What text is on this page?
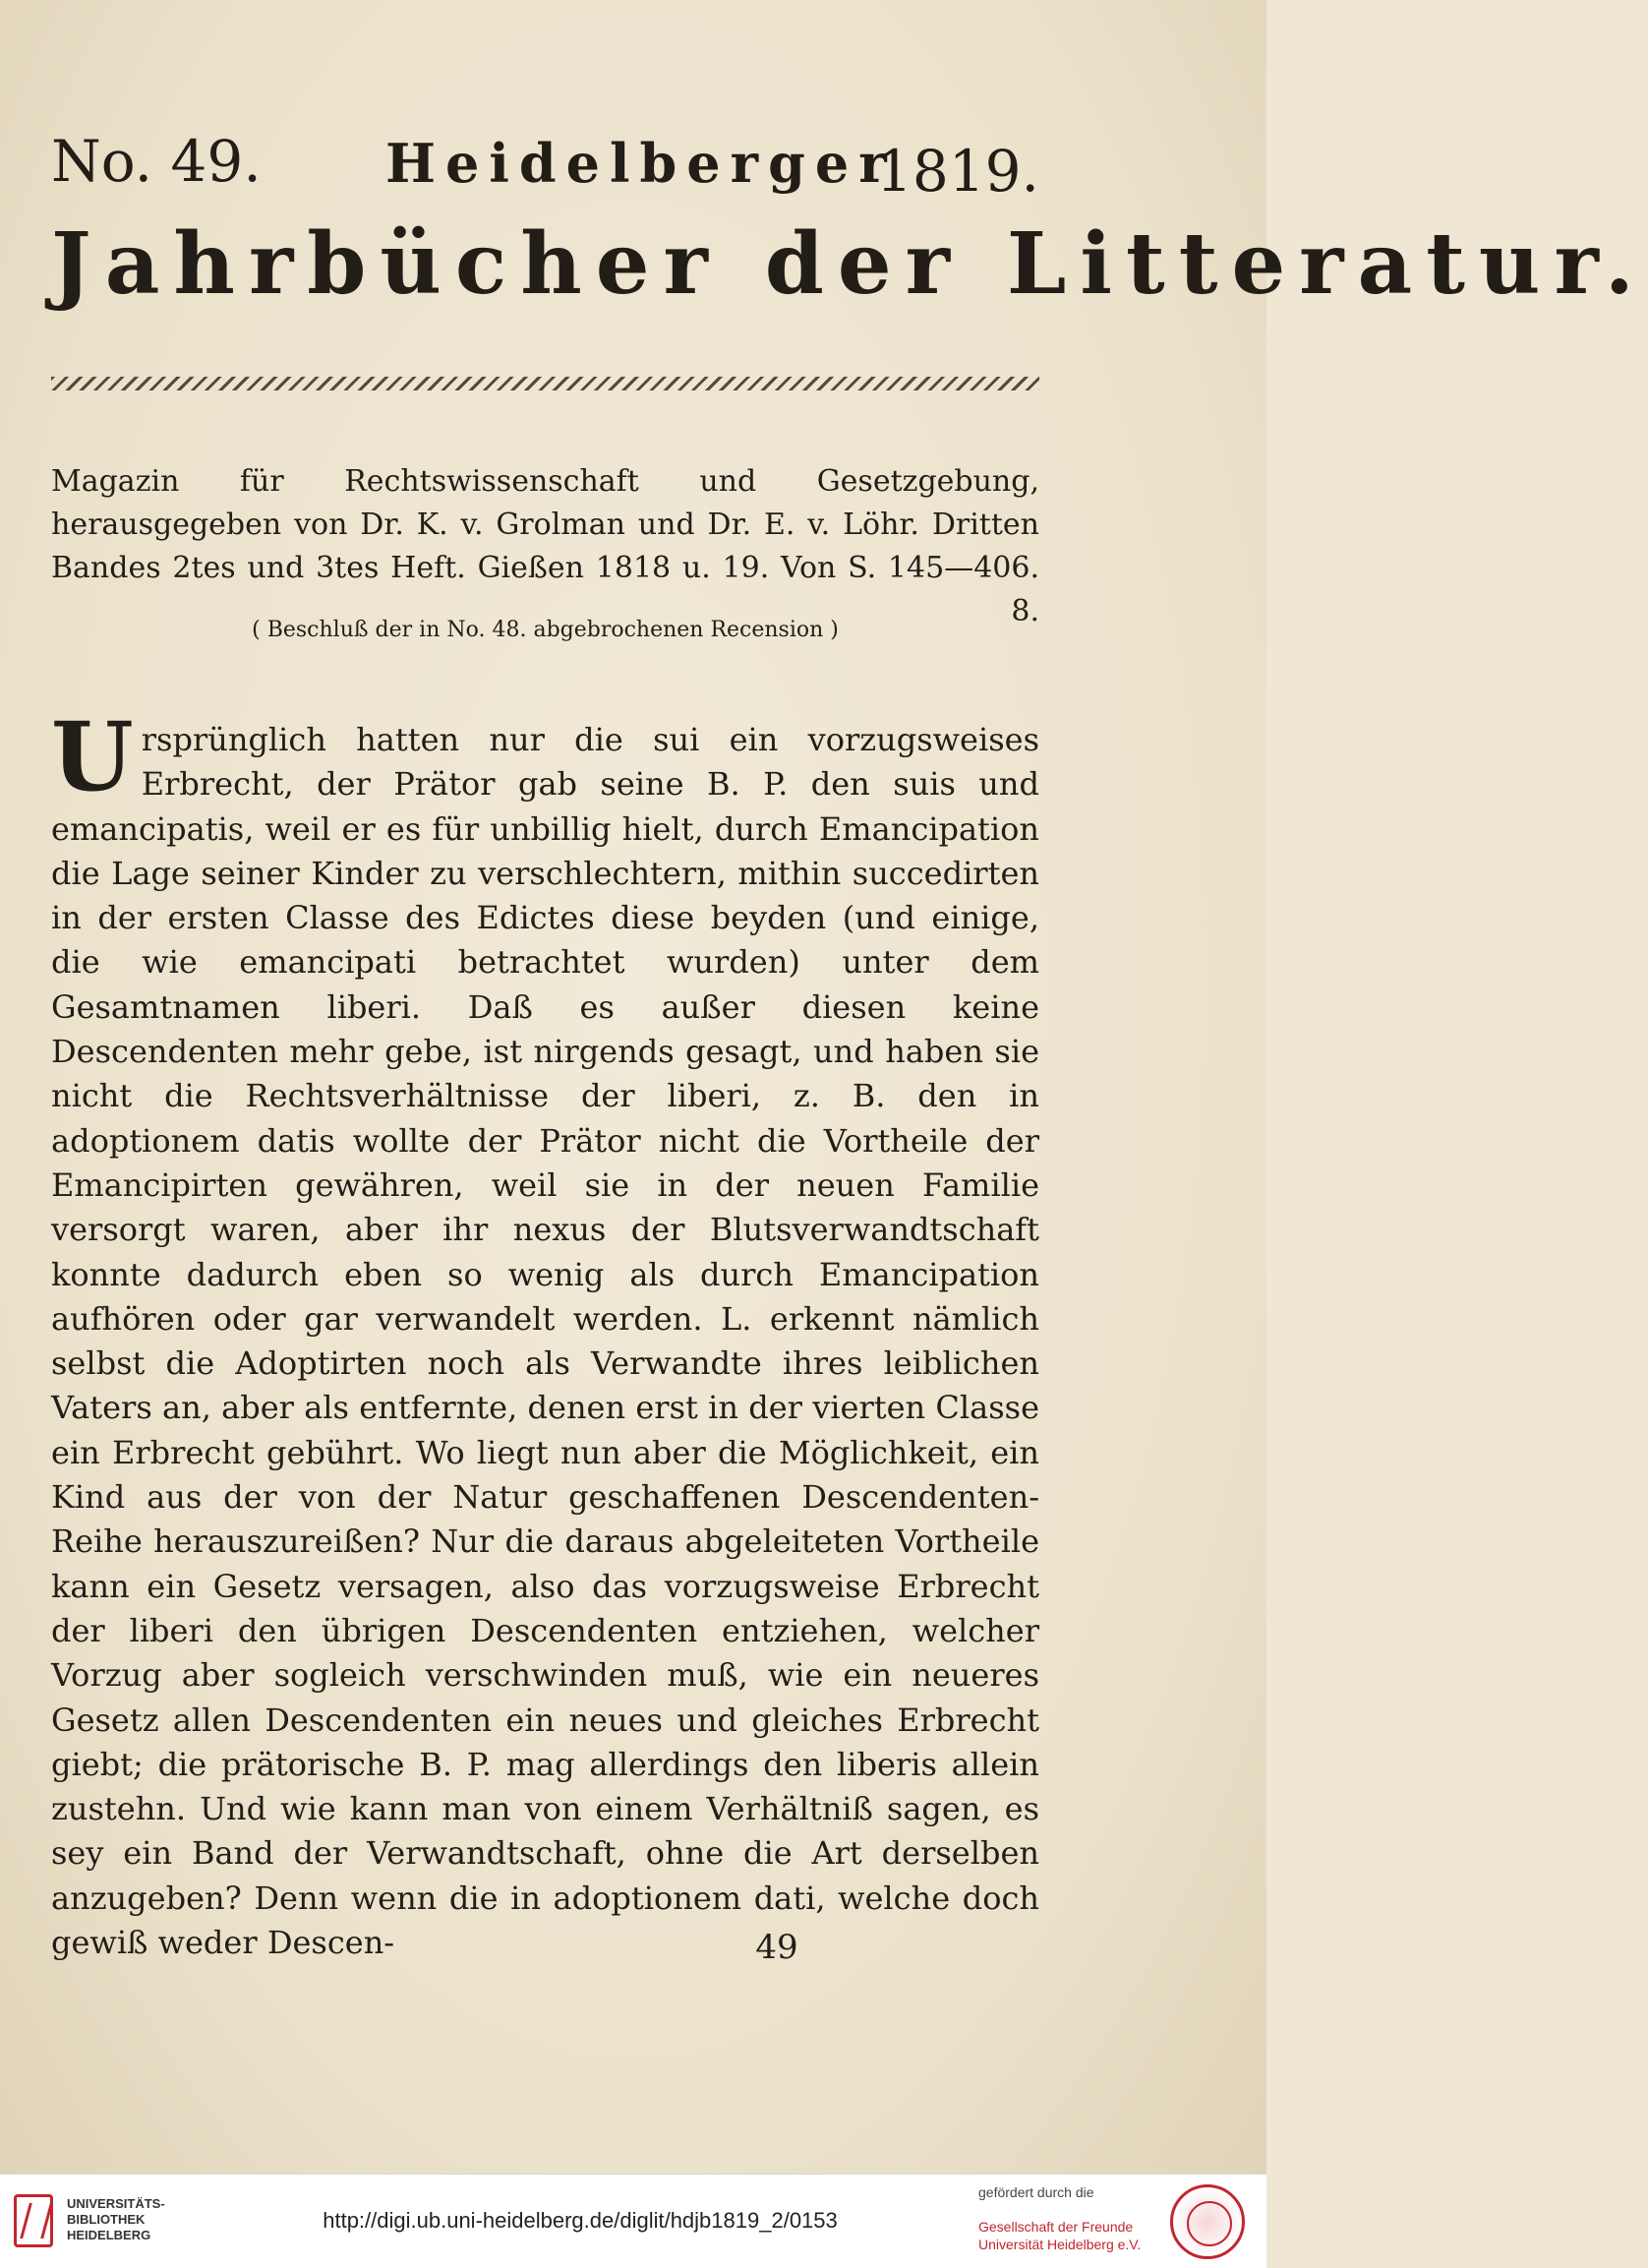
No. 49. Heidelberger
1819.
Jahrbücher der Litteratur.
Magazin für Rechtswissenschaft und Gesetzgebung, herausgegeben von Dr. K. v. Grolman und Dr. E. v. Löhr. Dritten Bandes 2tes und 3tes Heft. Gießen 1818 u. 19. Von S. 145—406. 8.
( Beschluß der in No. 48. abgebrochenen Recension )
U rsprünglich hatten nur die sui ein vorzugsweises Erbrecht, der Prätor gab seine B. P. den suis und emancipatis, weil er es für unbillig hielt, durch Emancipation die Lage seiner Kinder zu verschlechtern, mithin succedirten in der ersten Classe des Edictes diese beyden (und einige, die wie emancipati betrachtet wurden) unter dem Gesamtnamen liberi. Daß es außer diesen keine Descendenten mehr gebe, ist nirgends gesagt, und haben sie nicht die Rechtsverhältnisse der liberi, z. B. den in adoptionem datis wollte der Prätor nicht die Vortheile der Emancipirten gewähren, weil sie in der neuen Familie versorgt waren, aber ihr nexus der Blutsverwandtschaft konnte dadurch eben so wenig als durch Emancipation aufhören oder gar verwandelt werden. L. erkennt nämlich selbst die Adoptirten noch als Verwandte ihres leiblichen Vaters an, aber als entfernte, denen erst in der vierten Classe ein Erbrecht gebührt. Wo liegt nun aber die Möglichkeit, ein Kind aus der von der Natur geschaffenen Descendenten-Reihe herauszureißen? Nur die daraus abgeleiteten Vortheile kann ein Gesetz versagen, also das vorzugsweise Erbrecht der liberi den übrigen Descendenten entziehen, welcher Vorzug aber sogleich verschwinden muß, wie ein neueres Gesetz allen Descendenten ein neues und gleiches Erbrecht giebt; die prätorische B. P. mag allerdings den liberis allein zustehn. Und wie kann man von einem Verhältniß sagen, es sey ein Band der Verwandtschaft, ohne die Art derselben anzugeben? Denn wenn die in adoptionem dati, welche doch gewiß weder Descen-	49
UNIVERSITÄTS-BIBLIOTHEK HEIDELBERG
http://digi.ub.uni-heidelberg.de/diglit/hdjb1819_2/0153
gefördert durch die
Gesellschaft der Freunde Universität Heidelberg e.V.
